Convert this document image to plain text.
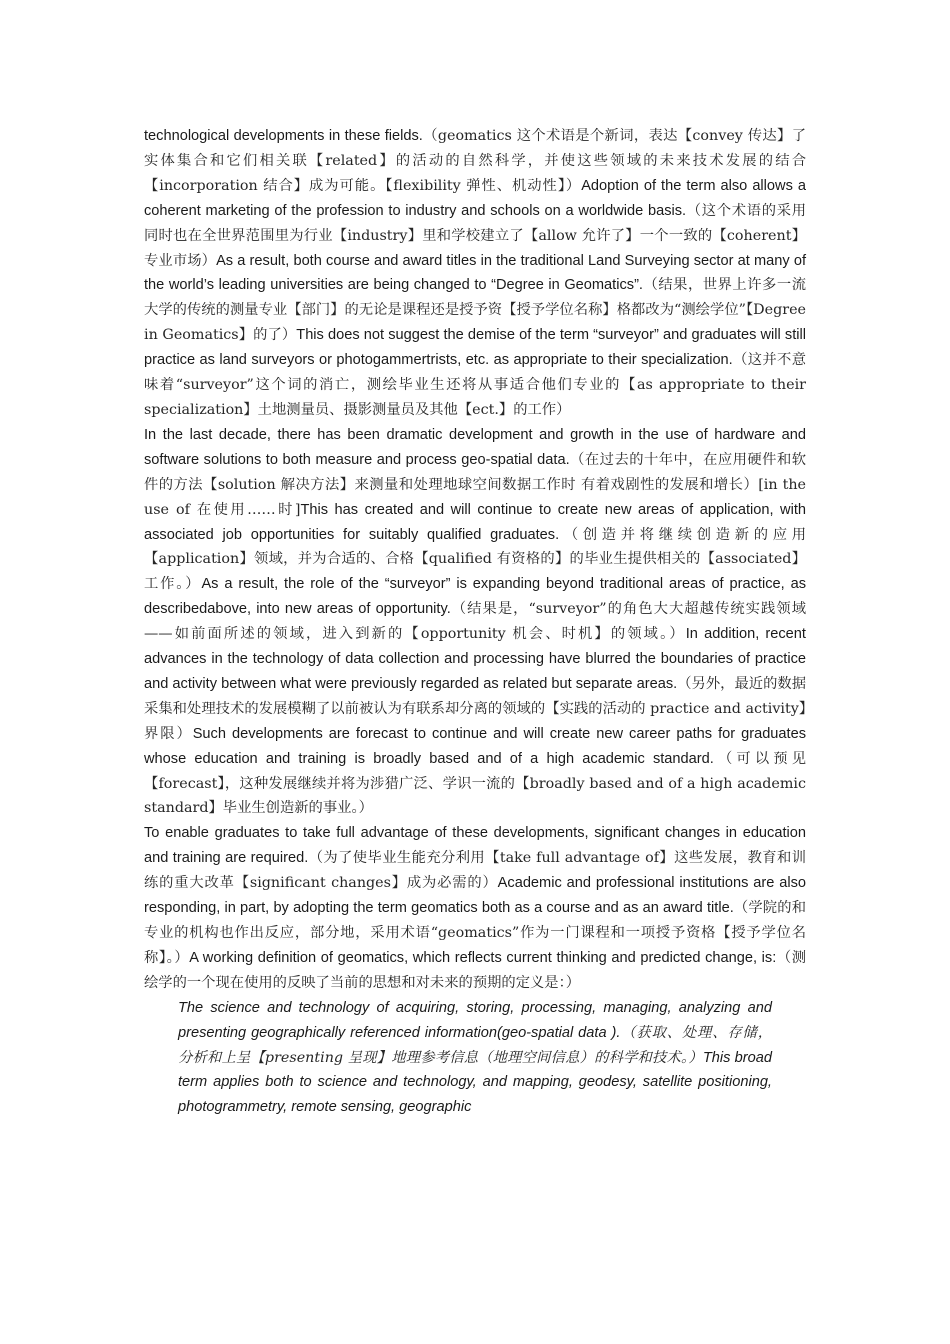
technological developments in these fields.（geomatics 这个术语是个新词，表达【convey 传达】了实体集合和它们相关联【related】的活动的自然科学，并使这些领域的未来技术发展的结合【incorporation 结合】成为可能。【flexibility 弹性、机动性】）Adoption of the term also allows a coherent marketing of the profession to industry and schools on a worldwide basis.（这个术语的采用同时也在全世界范围里为行业【industry】里和学校建立了【allow 允许了】一个一致的【coherent】专业市场）As a result, both course and award titles in the traditional Land Surveying sector at many of the world’s leading universities are being changed to “Degree in Geomatics”.（结果，世界上许多一流大学的传统的测量专业【部门】的无论是课程还是授予资【授予学位名称】格都改为“测绘学位”【Degree in Geomatics】的了）This does not suggest the demise of the term “surveyor” and graduates will still practice as land surveyors or photogammertrists, etc. as appropriate to their specialization.（这并不意味着“surveyor”这个词的消亡，测绘毕业生还将从事适合他们专业的【as appropriate to their specialization】土地测量员、摄影测量员及其他【ect.】的工作）

In the last decade, there has been dramatic development and growth in the use of hardware and software solutions to both measure and process geo-spatial data.（在过去的十年中，在应用硬件和软件的方法【solution 解决方法】来测量和处理地球空间数据工作时 有着戏剧性的发展和增长）[in the use of 在使用……时]This has created and will continue to create new areas of application, with associated job opportunities for suitably qualified graduates.（创造并将继续创造新的应用【application】领域，并为合适的、合格【qualified 有资格的】的毕业生提供相关的【associated】工作。）As a result, the role of the “surveyor” is expanding beyond traditional areas of practice, as describedabove, into new areas of opportunity.（结果是，“surveyor”的角色大大超越传统实践领域——如前面所述的领域，进入到新的【opportunity 机会、时机】的领域。）In addition, recent advances in the technology of data collection and processing have blurred the boundaries of practice and activity between what were previously regarded as related but separate areas.（另外，最近的数据采集和处理技术的发展模糊了以前被认为有联系却分离的领域的【实践的活动的 practice and activity】界限）Such developments are forecast to continue and will create new career paths for graduates whose education and training is broadly based and of a high academic standard.（可以预见【forecast】，这种发展继续并将为涉猎广泛、学识一流的【broadly based and of a high academic standard】毕业生创造新的事业。）

To enable graduates to take full advantage of these developments, significant changes in education and training are required.（为了使毕业生能充分利用【take full advantage of】这些发展，教育和训练的重大改革【significant changes】成为必需的）Academic and professional institutions are also responding, in part, by adopting the term geomatics both as a course and as an award title.（学院的和专业的机构也作出反应，部分地，采用术语“geomatics”作为一门课程和一项授予资格【授予学位名称】。）A working definition of geomatics, which reflects current thinking and predicted change, is:（测绘学的一个现在使用的反映了当前的思想和对未来的预期的定义是：）

The science and technology of acquiring, storing, processing, managing, analyzing and presenting geographically referenced information(geo-spatial data ).（获取、处理、存储，分析和上呈【presenting 呈现】地理参考信息（地理空间信息）的科学和技术。）This broad term applies both to science and technology, and mapping, geodesy, satellite positioning, photogrammetry, remote sensing, geographic
